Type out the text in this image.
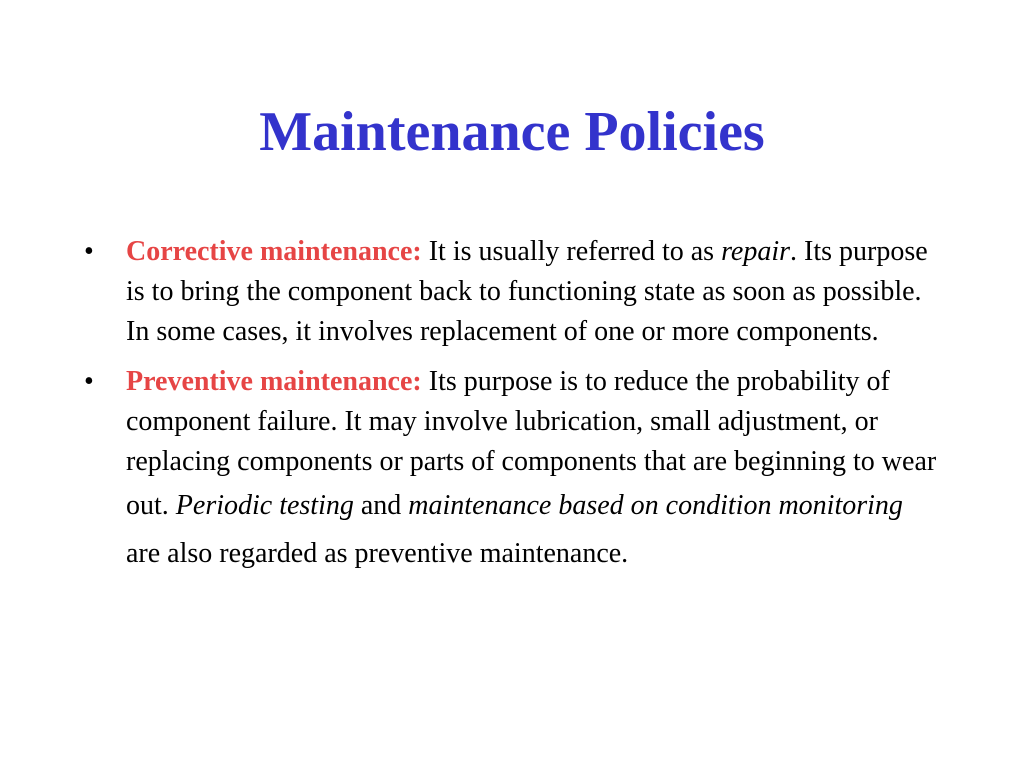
Maintenance Policies
• Corrective maintenance: It is usually referred to as repair. Its purpose is to bring the component back to functioning state as soon as possible. In some cases, it involves replacement of one or more components.
• Preventive maintenance: Its purpose is to reduce the probability of component failure. It may involve lubrication, small adjustment, or replacing components or parts of components that are beginning to wear out. Periodic testing and maintenance based on condition monitoring are also regarded as preventive maintenance.
